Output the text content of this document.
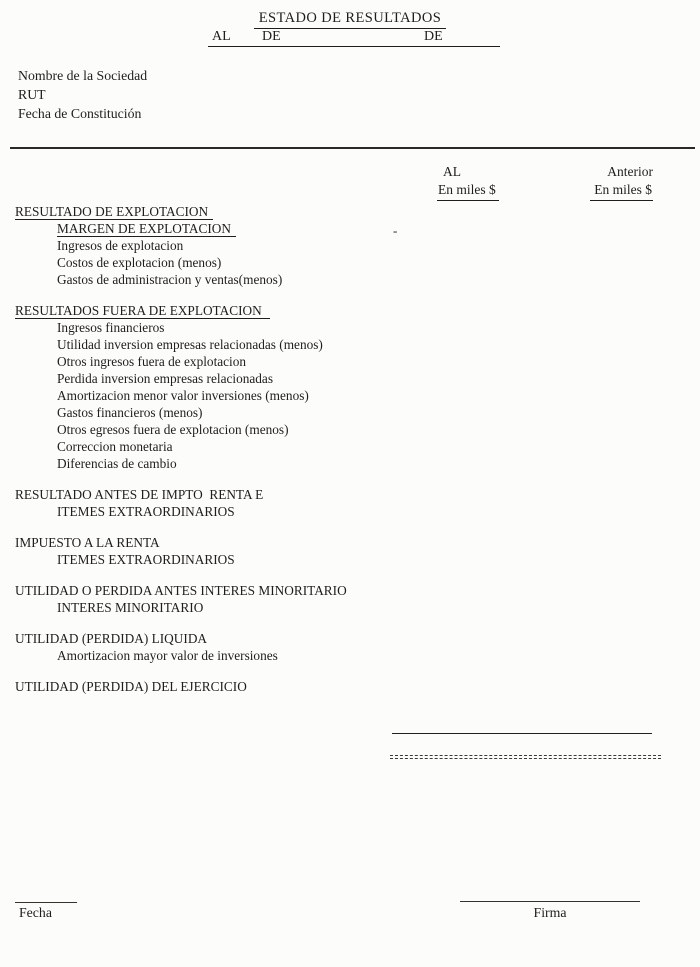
ESTADO DE RESULTADOS
AL DE	DE
Nombre de la Sociedad
RUT
Fecha de Constitución
AL
En miles $
Anterior
En miles $
RESULTADO DE EXPLOTACION
MARGEN DE EXPLOTACION
Ingresos de explotacion
Costos de explotacion (menos)
Gastos de administracion y ventas(menos)
RESULTADOS FUERA DE EXPLOTACION
Ingresos financieros
Utilidad inversion empresas relacionadas (menos)
Otros ingresos fuera de explotacion
Perdida inversion empresas relacionadas
Amortizacion menor valor inversiones (menos)
Gastos financieros (menos)
Otros egresos fuera de explotacion (menos)
Correccion monetaria
Diferencias de cambio
RESULTADO ANTES DE IMPTO  RENTA E
ITEMES EXTRAORDINARIOS
IMPUESTO A LA RENTA
ITEMES EXTRAORDINARIOS
UTILIDAD O PERDIDA ANTES INTERES MINORITARIO
INTERES MINORITARIO
UTILIDAD (PERDIDA) LIQUIDA
Amortizacion mayor valor de inversiones
UTILIDAD (PERDIDA) DEL EJERCICIO
-
Fecha	Firma
